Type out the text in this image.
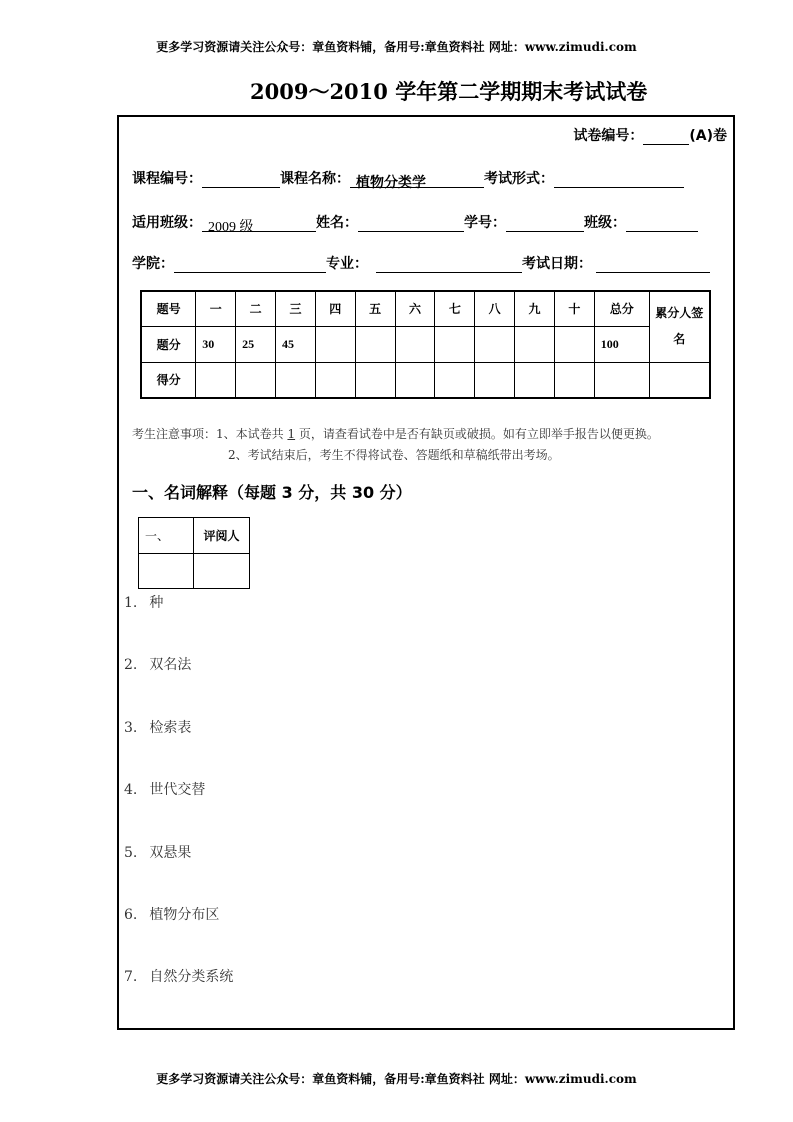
更多学习资源请关注公众号：章鱼资料铺，备用号:章鱼资料社 网址：www.zimudi.com
2009～2010 学年第二学期期末考试试卷
试卷编号：	(A)卷
课程编号：	课程名称： 植物分类学	考试形式：
适用班级： 2009 级	姓名：	学号：	班级：
学院：	专业：	考试日期：
题号	一	二	三	四	五	六	七	八	九	十	总分	累分人签名
题分	30	25	45								100	
得分												
考生注意事项：1、本试卷共 1 页，请查看试卷中是否有缺页或破损。如有立即举手报告以便更换。
2、考试结束后，考生不得将试卷、答题纸和草稿纸带出考场。
一、名词解释（每题 3 分，共 30 分）
一、	评阅人

1. 种
2. 双名法
3. 检索表
4. 世代交替
5. 双悬果
6. 植物分布区
7. 自然分类系统
更多学习资源请关注公众号：章鱼资料铺，备用号:章鱼资料社 网址：www.zimudi.com
